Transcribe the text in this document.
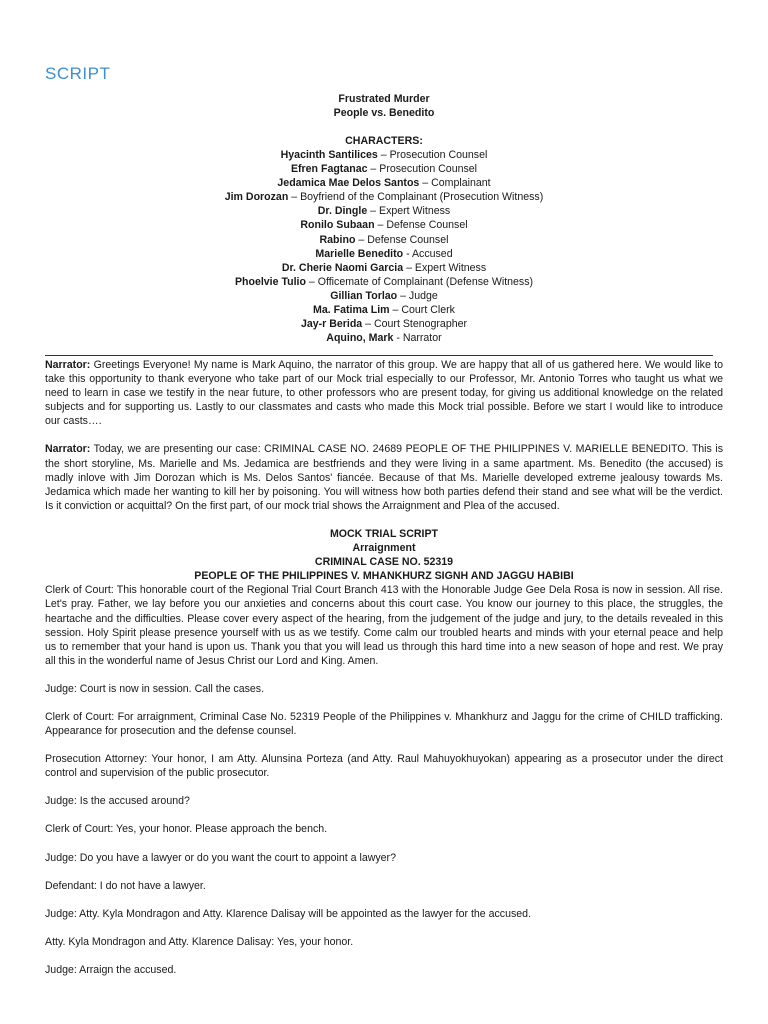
SCRIPT

Frustrated Murder

People vs. Benedito

CHARACTERS:

Hyacinth Santilices – Prosecution Counsel
Efren Fagtanac – Prosecution Counsel
Jedamica Mae Delos Santos – Complainant
Jim Dorozan – Boyfriend of the Complainant (Prosecution Witness)
Dr. Dingle – Expert Witness
Ronilo Subaan – Defense Counsel
Rabino – Defense Counsel
Marielle Benedito - Accused
Dr. Cherie Naomi Garcia – Expert Witness
Phoelvie Tulio – Officemate of Complainant (Defense Witness)
Gillian Torlao – Judge
Ma. Fatima Lim – Court Clerk
Jay-r Berida – Court Stenographer
Aquino, Mark - Narrator

Narrator: Greetings Everyone! My name is Mark Aquino, the narrator of this group. We are happy that all of us gathered here. We would like to take this opportunity to thank everyone who take part of our Mock trial especially to our Professor, Mr. Antonio Torres who taught us what we need to learn in case we testify in the near future, to other professors who are present today, for giving us additional knowledge on the related subjects and for supporting us. Lastly to our classmates and casts who made this Mock trial possible. Before we start I would like to introduce our casts….

Narrator: Today, we are presenting our case: CRIMINAL CASE NO. 24689 PEOPLE OF THE PHILIPPINES V. MARIELLE BENEDITO. This is the short storyline, Ms. Marielle and Ms. Jedamica are bestfriends and they were living in a same apartment. Ms. Benedito (the accused) is madly inlove with Jim Dorozan which is Ms. Delos Santos' fiancée. Because of that Ms. Marielle developed extreme jealousy towards Ms. Jedamica which made her wanting to kill her by poisoning. You will witness how both parties defend their stand and see what will be the verdict. Is it conviction or acquittal? On the first part, of our mock trial shows the Arraignment and Plea of the accused.

MOCK TRIAL SCRIPT
Arraignment
CRIMINAL CASE NO. 52319
PEOPLE OF THE PHILIPPINES V. MHANKHURZ SIGNH AND JAGGU HABIBI

Clerk of Court: This honorable court of the Regional Trial Court Branch 413 with the Honorable Judge Gee Dela Rosa is now in session. All rise. Let's pray. Father, we lay before you our anxieties and concerns about this court case. You know our journey to this place, the struggles, the heartache and the difficulties. Please cover every aspect of the hearing, from the judgement of the judge and jury, to the details revealed in this session. Holy Spirit please presence yourself with us as we testify. Come calm our troubled hearts and minds with your eternal peace and help us to remember that your hand is upon us. Thank you that you will lead us through this hard time into a new season of hope and rest. We pray all this in the wonderful name of Jesus Christ our Lord and King. Amen.

Judge: Court is now in session. Call the cases.

Clerk of Court: For arraignment, Criminal Case No. 52319 People of the Philippines v. Mhankhurz and Jaggu for the crime of CHILD trafficking. Appearance for prosecution and the defense counsel.

Prosecution Attorney: Your honor, I am Atty. Alunsina Porteza (and Atty. Raul Mahuyokhuyokan) appearing as a prosecutor under the direct control and supervision of the public prosecutor.

Judge: Is the accused around?

Clerk of Court: Yes, your honor. Please approach the bench.

Judge: Do you have a lawyer or do you want the court to appoint a lawyer?

Defendant: I do not have a lawyer.

Judge: Atty. Kyla Mondragon and Atty. Klarence Dalisay will be appointed as the lawyer for the accused.

Atty. Kyla Mondragon and Atty. Klarence Dalisay: Yes, your honor.

Judge: Arraign the accused.
